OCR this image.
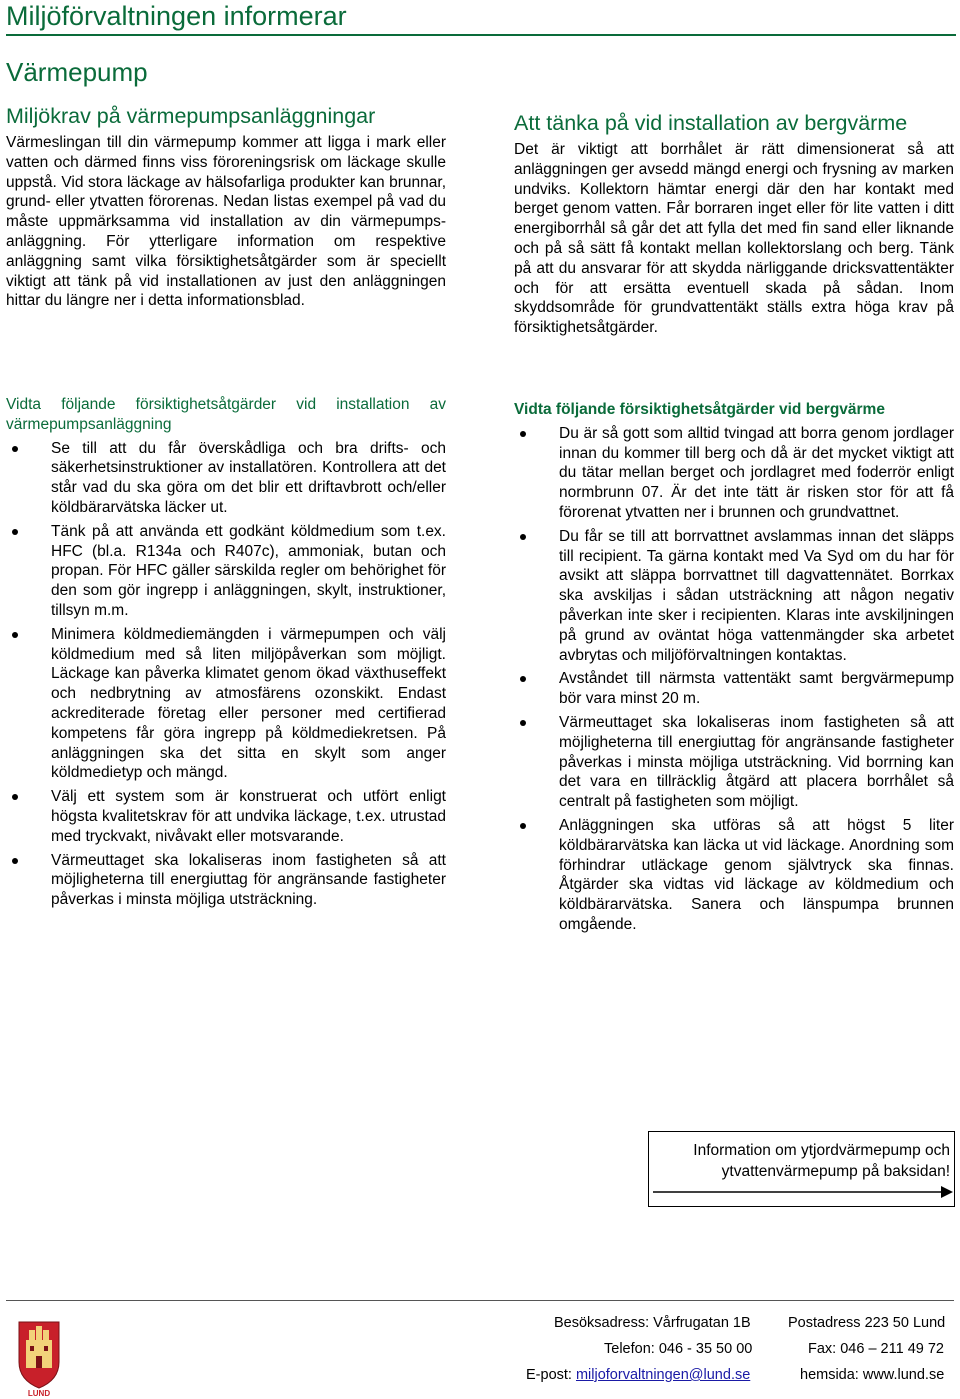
Miljöförvaltningen informerar
Värmepump
Miljökrav på värmepumpsanläggningar

Värmeslingan till din värmepump kommer att ligga i mark eller vatten och därmed finns viss föroreningsrisk om läckage skulle uppstå. Vid stora läckage av hälsofarliga produkter kan brunnar, grund- eller ytvatten förorenas. Nedan listas exempel på vad du måste uppmärksamma vid installation av din värmepumpsanläggning. För ytterligare information om respektive anläggning samt vilka försiktighetsåtgärder som är speciellt viktigt att tänk på vid installationen av just den anläggningen hittar du längre ner i detta informationsblad.

Vidta följande försiktighetsåtgärder vid installation av värmepumpsanläggning
Se till att du får överskådliga och bra drifts- och säkerhetsinstruktioner av installatören. Kontrollera att det står vad du ska göra om det blir ett driftavbrott och/eller köldbärarvätska läcker ut.
Tänk på att använda ett godkänt köldmedium som t.ex. HFC (bl.a. R134a och R407c), ammoniak, butan och propan. För HFC gäller särskilda regler om behörighet för den som gör ingrepp i anläggningen, skylt, instruktioner, tillsyn m.m.
Minimera köldmediemängden i värmepumpen och välj köldmedium med så liten miljöpåverkan som möjligt. Läckage kan påverka klimatet genom ökad växthuseffekt och nedbrytning av atmosfärens ozonskikt. Endast ackrediterade företag eller personer med certifierad kompetens får göra ingrepp på köldmediekretsen. På anläggningen ska det sitta en skylt som anger köldmedietyp och mängd.
Välj ett system som är konstruerat och utfört enligt högsta kvalitetskrav för att undvika läckage, t.ex. utrustad med tryckvakt, nivåvakt eller motsvarande.
Värmeuttaget ska lokaliseras inom fastigheten så att möjligheterna till energiuttag för angränsande fastigheter påverkas i minsta möjliga utsträckning.
Att tänka på vid installation av bergvärme

Det är viktigt att borrhålet är rätt dimensionerat så att anläggningen ger avsedd mängd energi och frysning av marken undviks. Kollektorn hämtar energi där den har kontakt med berget genom vatten. Får borraren inget eller för lite vatten i ditt energiborrhål så går det att fylla det med fin sand eller liknande och på så sätt få kontakt mellan kollektorslang och berg. Tänk på att du ansvarar för att skydda närliggande dricksvattentäkter och för att ersätta eventuell skada på sådan. Inom skyddsområde för grundvattentäkt ställs extra höga krav på försiktighetsåtgärder.

Vidta följande försiktighetsåtgärder vid bergvärme
Du är så gott som alltid tvingad att borra genom jordlager innan du kommer till berg och då är det mycket viktigt att du tätar mellan berget och jordlagret med foderrör enligt normbrunn 07. Är det inte tätt är risken stor för att få förorenat ytvatten ner i brunnen och grundvattnet.
Du får se till att borrvattnet avslammas innan det släpps till recipient. Ta gärna kontakt med Va Syd om du har för avsikt att släppa borrvattnet till dagvattennätet. Borrkax ska avskiljas i sådan utsträckning att någon negativ påverkan inte sker i recipienten. Klaras inte avskiljningen på grund av oväntat höga vattenmängder ska arbetet avbrytas och miljöförvaltningen kontaktas.
Avståndet till närmsta vattentäkt samt bergvärmepump bör vara minst 20 m.
Värmeuttaget ska lokaliseras inom fastigheten så att möjligheterna till energiuttag för angränsande fastigheter påverkas i minsta möjliga utsträckning. Vid borrning kan det vara en tillräcklig åtgärd att placera borrhålet så centralt på fastigheten som möjligt.
Anläggningen ska utföras så att högst 5 liter köldbärarvätska kan läcka ut vid läckage. Anordning som förhindrar utläckage genom självtryck ska finnas. Åtgärder ska vidtas vid läckage av köldmedium och köldbärarvätska. Sanera och länspumpa brunnen omgående.
Information om ytjordvärmepump och
ytvattenvärmepump på baksidan!
LUND
Besöksadress: Vårfrugatan 1B	Postadress 223 50 Lund
Telefon: 046 - 35 50 00	Fax: 046 – 211 49 72
E-post: miljoforvaltningen@lund.se	hemsida: www.lund.se
